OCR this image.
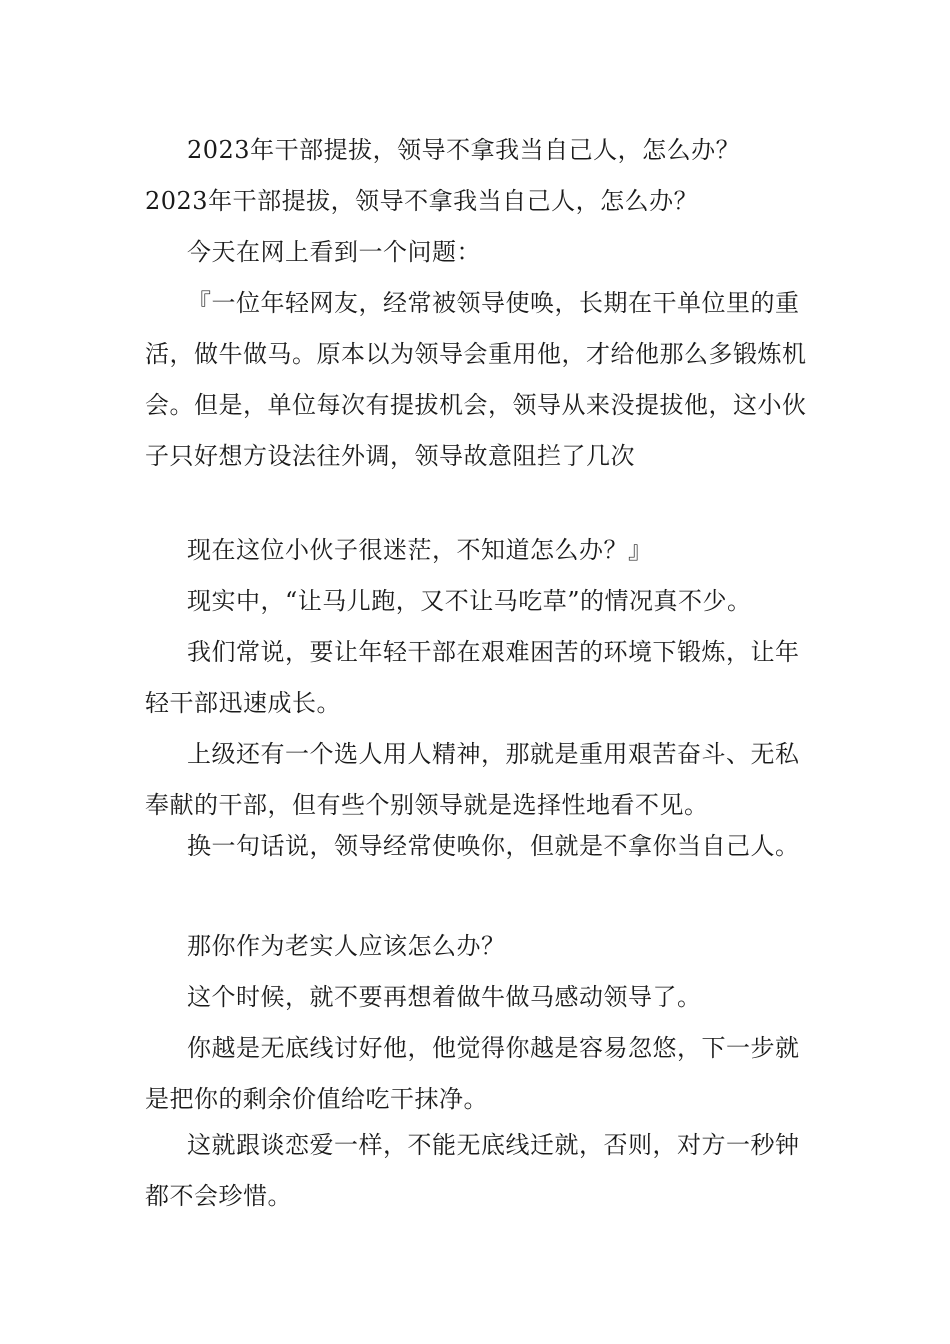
2023年干部提拔，领导不拿我当自己人，怎么办？

2023年干部提拔，领导不拿我当自己人，怎么办？

今天在网上看到一个问题：

『一位年轻网友，经常被领导使唤，长期在干单位里的重活，做牛做马。原本以为领导会重用他，才给他那么多锻炼机会。但是，单位每次有提拔机会，领导从来没提拔他，这小伙子只好想方设法往外调，领导故意阻拦了几次

现在这位小伙子很迷茫，不知道怎么办？』

现实中，“让马儿跑，又不让马吃草”的情况真不少。

我们常说，要让年轻干部在艰难困苦的环境下锻炼，让年轻干部迅速成长。

上级还有一个选人用人精神，那就是重用艰苦奋斗、无私奉献的干部，但有些个别领导就是选择性地看不见。

换一句话说，领导经常使唤你，但就是不拿你当自己人。

那你作为老实人应该怎么办？

这个时候，就不要再想着做牛做马感动领导了。

你越是无底线讨好他，他觉得你越是容易忽悠，下一步就是把你的剩余价值给吃干抹净。

这就跟谈恋爱一样，不能无底线迁就，否则，对方一秒钟都不会珍惜。
